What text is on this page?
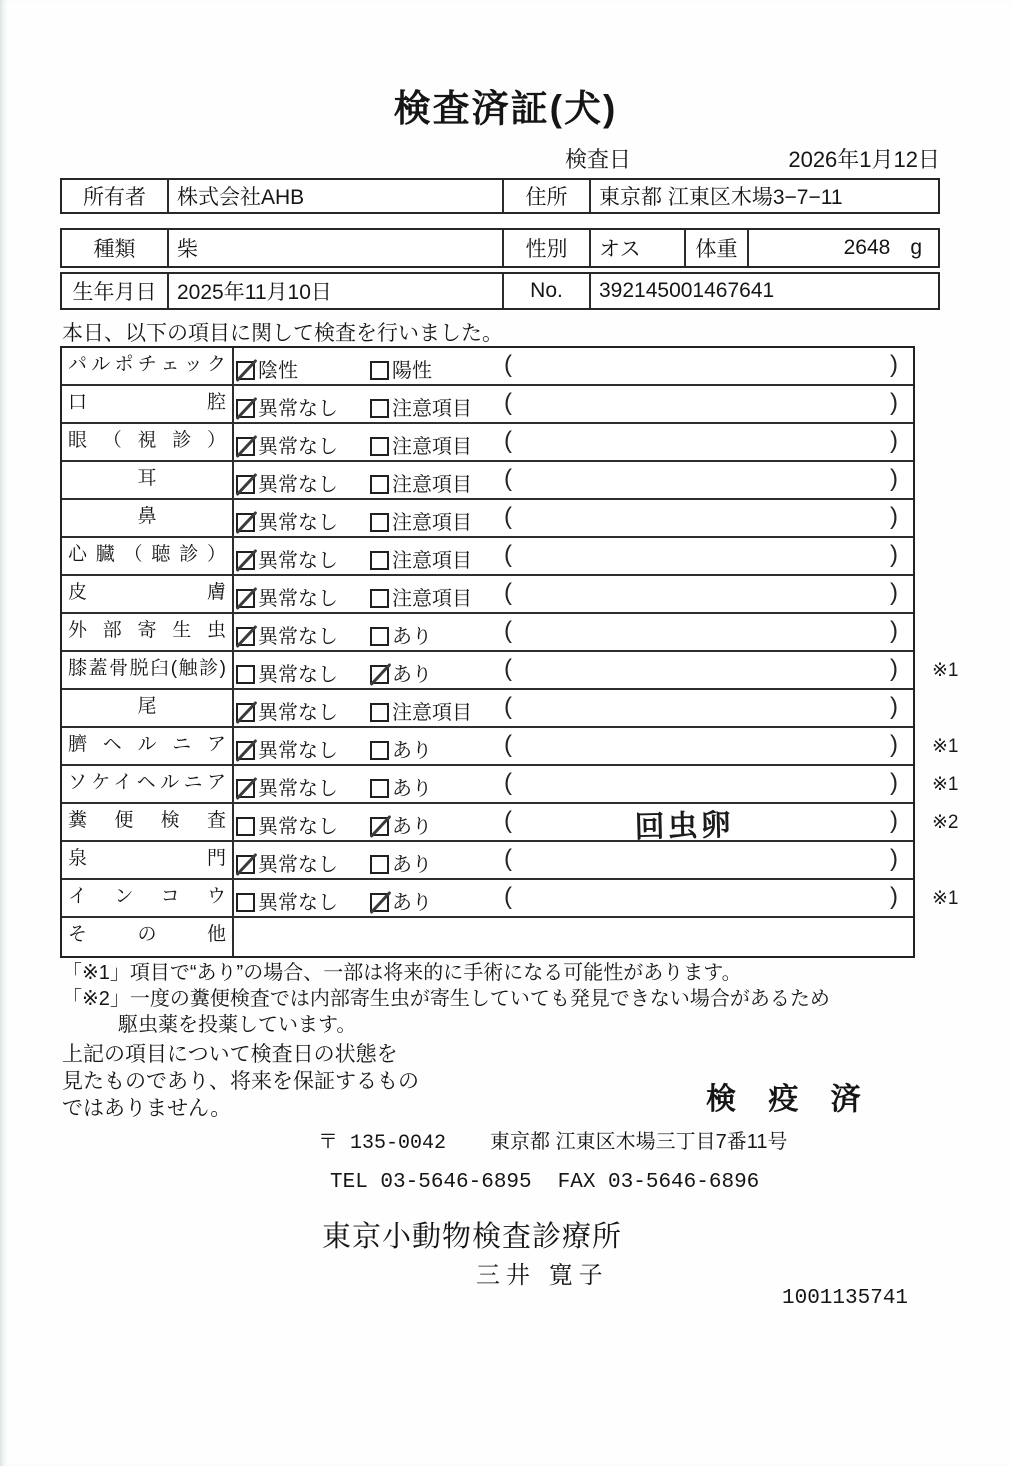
検査済証(犬)
検査日	2026年1月12日
所有者	株式会社AHB	住所	東京都 江東区木場3−7−11
種類	柴	性別	オス	体重	2648 g
生年月日 2025年11月10日	No.	392145001467641
本日、以下の項目に関して検査を行いました。
パルポチェック	陰性	陽性	(	)
口腔	異常なし	注意項目 (	)
眼（視診）	異常なし	注意項目 (	)
耳	異常なし	注意項目 (	)
鼻	異常なし	注意項目 (	)
心臓（聴診）	異常なし	注意項目 (	)
皮膚	異常なし	注意項目 (	)
外部寄生虫	異常なし	あり	(	)
膝蓋骨脱臼(触診)	異常なし	あり	(	) ※1
尾	異常なし	注意項目 (	)
臍ヘルニア	異常なし	あり	(	) ※1
ソケイヘルニア	異常なし	あり	(	) ※1
糞便検査	異常なし	あり	(	回虫卵	) ※2
泉門	異常なし	あり	(	)
インコウ	異常なし	あり	(	) ※1
その他
「※1」項目で“あり”の場合、一部は将来的に手術になる可能性があります。
「※2」一度の糞便検査では内部寄生虫が寄生していても発見できない場合があるため
駆虫薬を投薬しています。
上記の項目について検査日の状態を
見たものであり、将来を保証するもの
ではありません。	検 疫 済
〒 135-0042 東京都 江東区木場三丁目7番11号
TEL 03-5646-6895 FAX 03-5646-6896
東京小動物検査診療所
三井 寛子
1001135741
